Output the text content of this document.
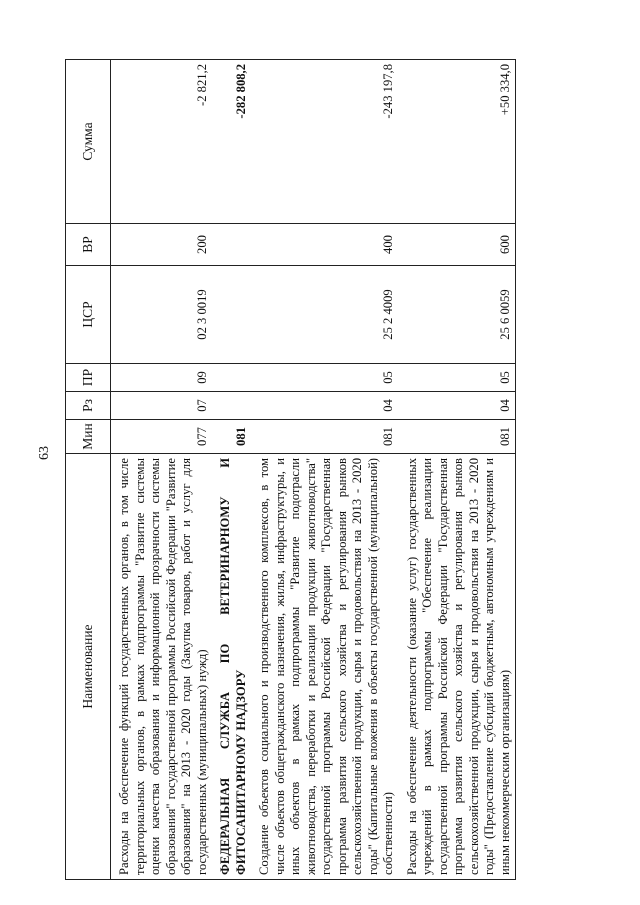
63
Наименование	Мин	Рз	ПР	ЦСР	ВР	Сумма
Расходы на обеспечение функций государственных органов, в том числе территориальных органов, в рамках подпрограммы "Развитие системы оценки качества образования и информационной прозрачности системы образования" государственной программы Российской Федерации "Развитие образования" на 2013 - 2020 годы (Закупка товаров, работ и услуг для государственных (муниципальных) нужд)	077	07	09	02 3 0019	200	-2 821,2
ФЕДЕРАЛЬНАЯ СЛУЖБА ПО ВЕТЕРИНАРНОМУ И ФИТОСАНИТАРНОМУ НАДЗОРУ	081					-282 808,2
Создание объектов социального и производственного комплексов, в том числе объектов общегражданского назначения, жилья, инфраструктуры, и иных объектов в рамках подпрограммы "Развитие подотрасли животноводства, переработки и реализации продукции животноводства" государственной программы Российской Федерации "Государственная программа развития сельского хозяйства и регулирования рынков сельскохозяйственной продукции, сырья и продовольствия на 2013 - 2020 годы" (Капитальные вложения в объекты государственной (муниципальной) собственности)	081	04	05	25 2 4009	400	-243 197,8
Расходы на обеспечение деятельности (оказание услуг) государственных учреждений в рамках подпрограммы "Обеспечение реализации государственной программы Российской Федерации "Государственная программа развития сельского хозяйства и регулирования рынков сельскохозяйственной продукции, сырья и продовольствия на 2013 - 2020 годы" (Предоставление субсидий бюджетным, автономным учреждениям и иным некоммерческим организациям)	081	04	05	25 6 0059	600	+50 334,0
